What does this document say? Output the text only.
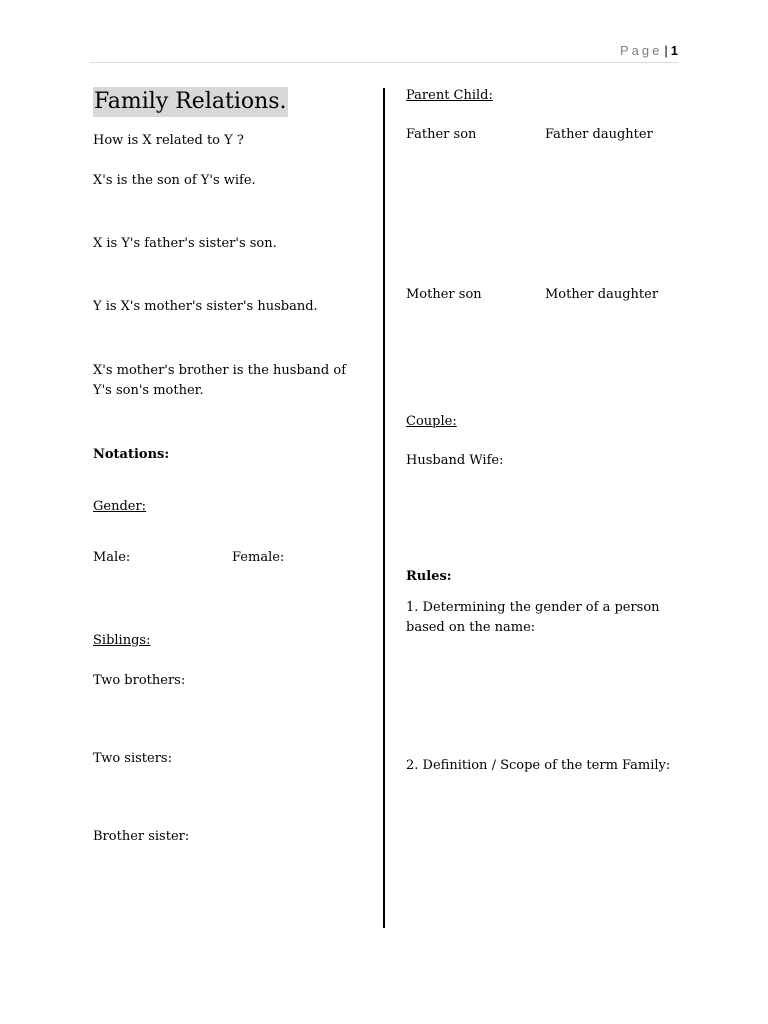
Page | 1
Family Relations.
How is X related to Y ?
X's is the son of Y's wife.
X is Y's father's sister's son.
Y is X's mother's sister's husband.
X's mother's brother is the husband of Y's son's mother.
Notations:
Gender:
Male:	Female:
Siblings:
Two brothers:
Two sisters:
Brother sister:
Parent Child:
Father son	Father daughter
Mother son	Mother daughter
Couple:
Husband Wife:
Rules:
1. Determining the gender of a person based on the name:
2. Definition / Scope of the term Family:
